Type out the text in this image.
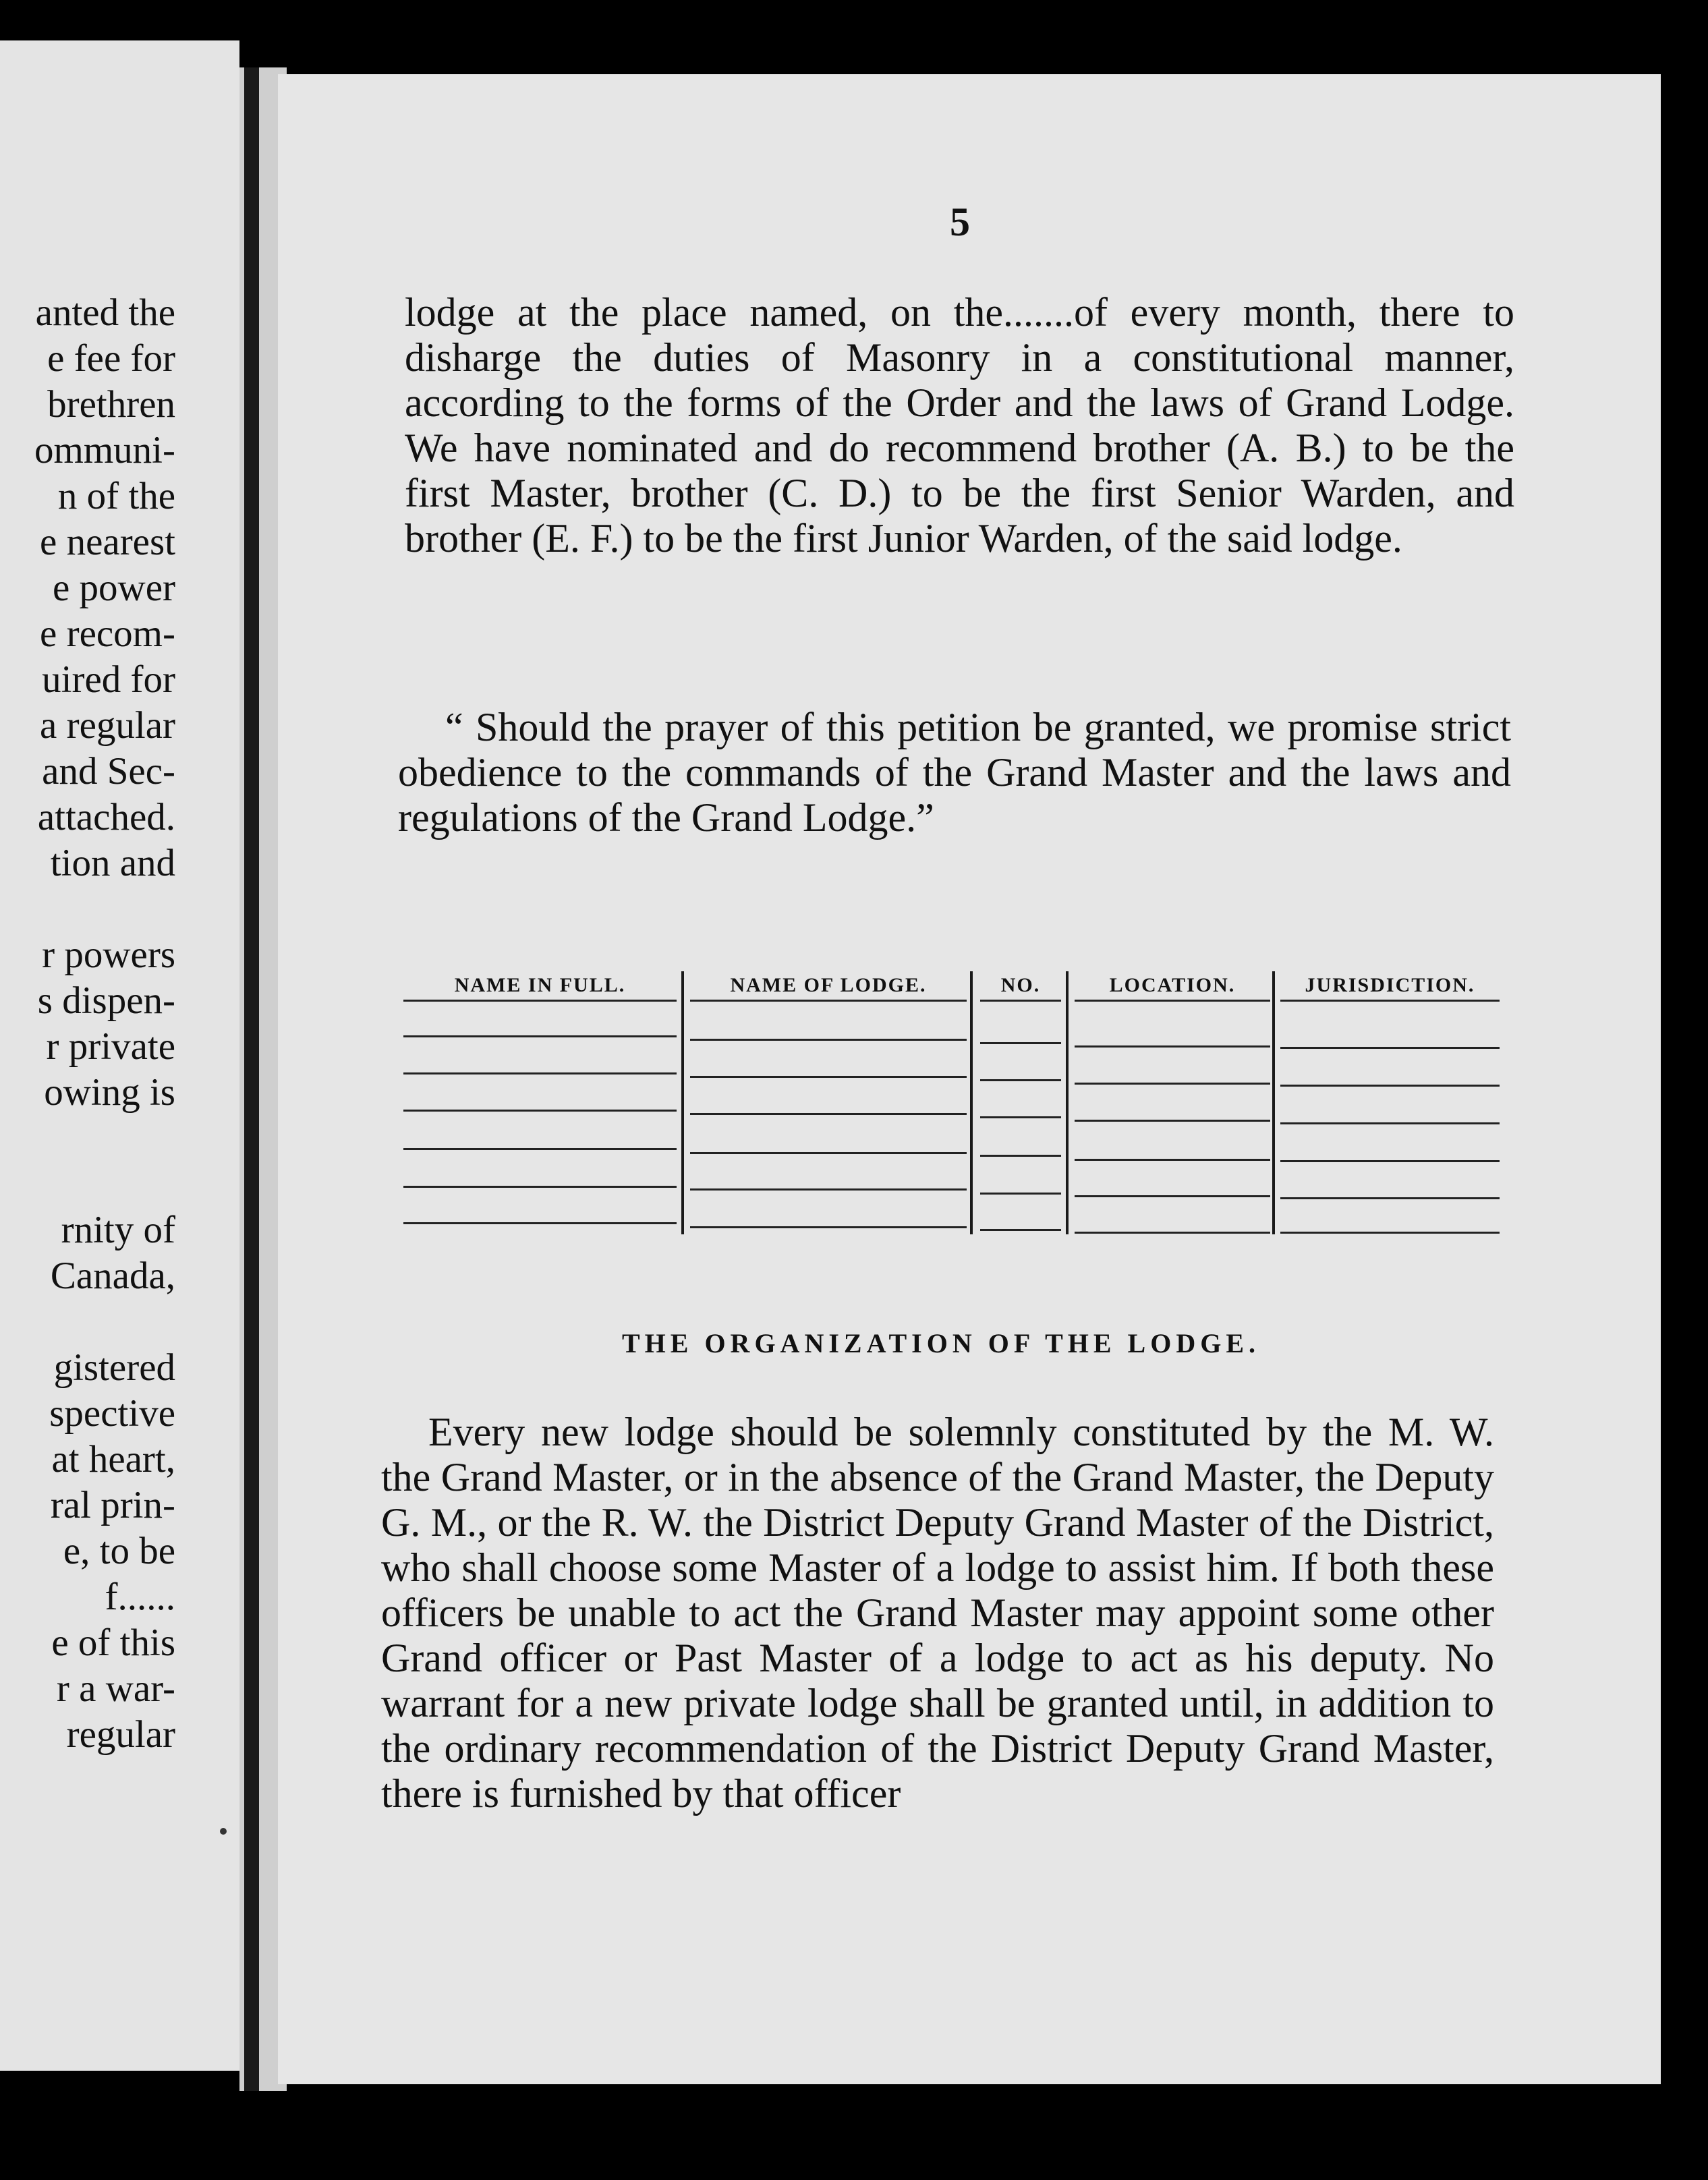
anted the
e fee for
brethren
ommuni-
n of the
e nearest
e power
e recom-
uired for
a regular
and Sec-
attached.
tion and
r powers
s dispen-
r private
owing is
rnity of
Canada,
gistered
spective
at heart,
ral prin-
e, to be
f......
e of this
r a war-
regular
5

lodge at the place named, on the.......of every month, there to disharge the duties of Masonry in a constitutional manner, according to the forms of the Order and the laws of Grand Lodge. We have nominated and do recommend brother (A. B.) to be the first Master, brother (C. D.) to be the first Senior Warden, and brother (E. F.) to be the first Junior Warden, of the said lodge.

“ Should the prayer of this petition be granted, we promise strict obedience to the commands of the Grand Master and the laws and regulations of the Grand Lodge.”

NAME IN FULL.	NAME OF LODGE.	NO.	LOCATION.	JURISDICTION.
THE ORGANIZATION OF THE LODGE.

Every new lodge should be solemnly constituted by the M. W. the Grand Master, or in the absence of the Grand Master, the Deputy G. M., or the R. W. the District Deputy Grand Master of the District, who shall choose some Master of a lodge to assist him. If both these officers be unable to act the Grand Master may appoint some other Grand officer or Past Master of a lodge to act as his deputy. No warrant for a new private lodge shall be granted until, in addition to the ordinary recommendation of the District Deputy Grand Master, there is furnished by that officer
